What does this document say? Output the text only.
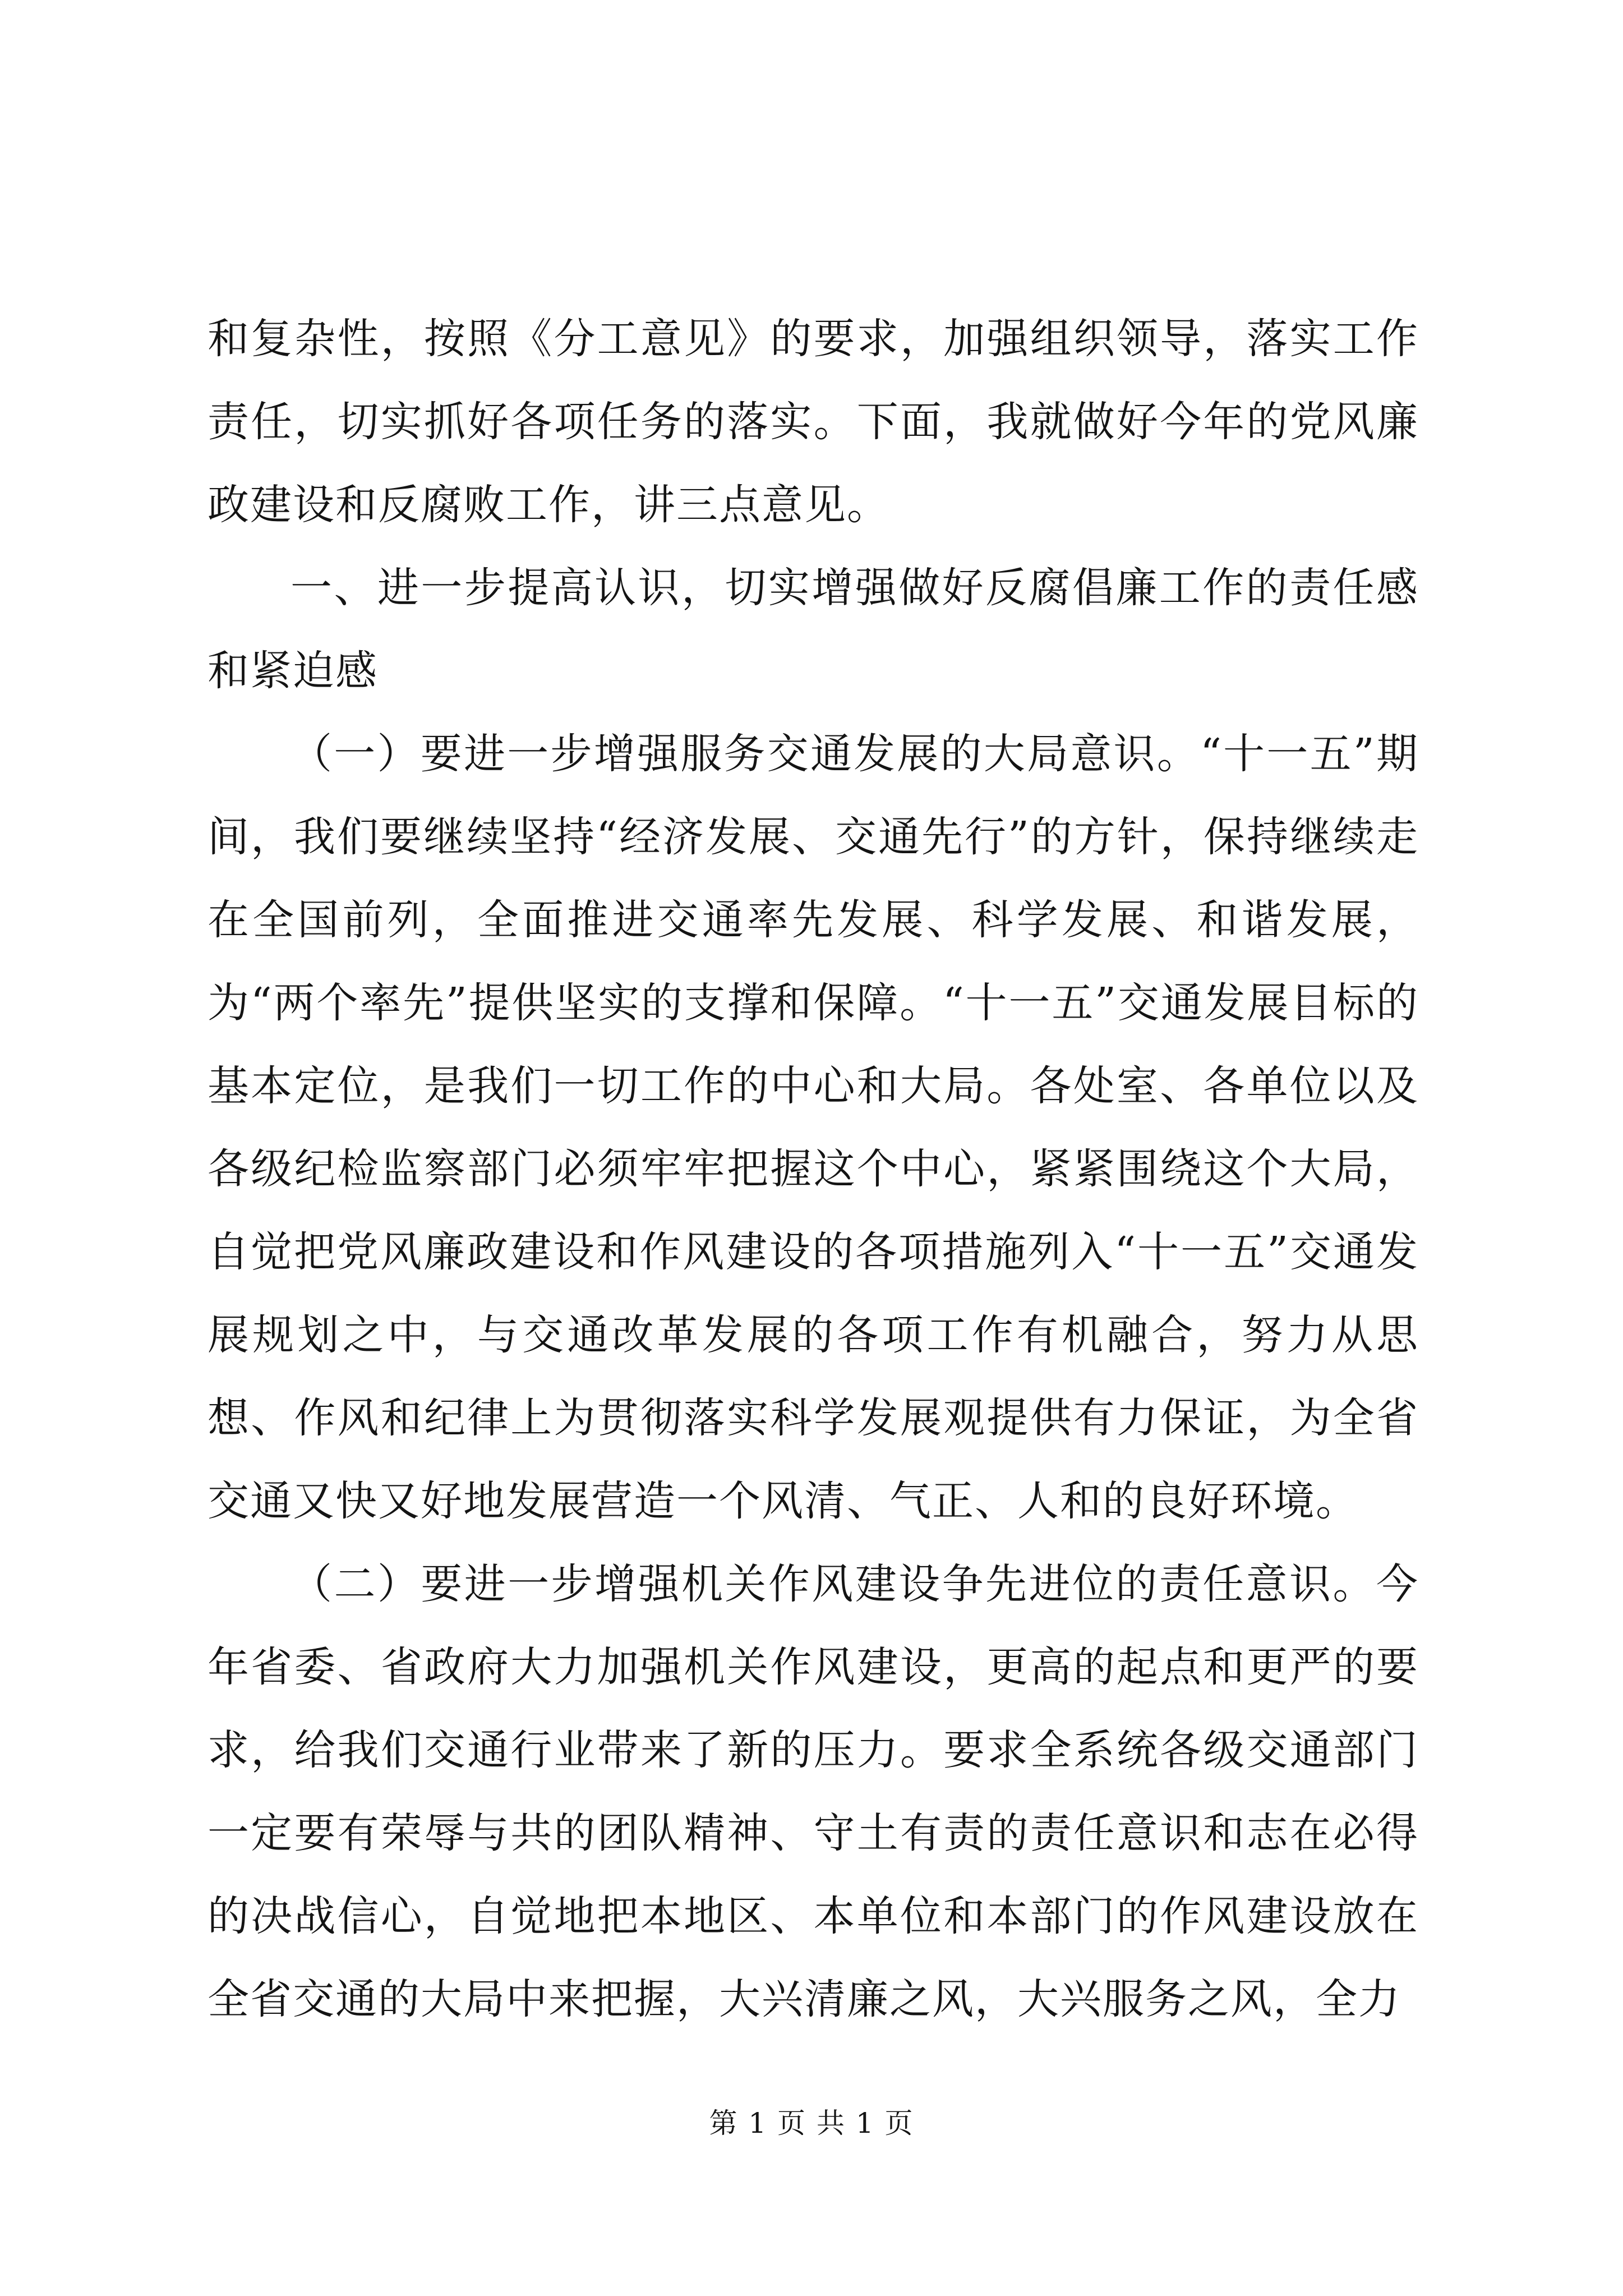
和复杂性，按照《分工意见》的要求，加强组织领导，落实工作责任，切实抓好各项任务的落实。下面，我就做好今年的党风廉政建设和反腐败工作，讲三点意见。

一、进一步提高认识，切实增强做好反腐倡廉工作的责任感和紧迫感

（一）要进一步增强服务交通发展的大局意识。“十一五”期间，我们要继续坚持“经济发展、交通先行”的方针，保持继续走在全国前列，全面推进交通率先发展、科学发展、和谐发展，为“两个率先”提供坚实的支撑和保障。“十一五”交通发展目标的基本定位，是我们一切工作的中心和大局。各处室、各单位以及各级纪检监察部门必须牢牢把握这个中心，紧紧围绕这个大局，自觉把党风廉政建设和作风建设的各项措施列入“十一五”交通发展规划之中，与交通改革发展的各项工作有机融合，努力从思想、作风和纪律上为贯彻落实科学发展观提供有力保证，为全省交通又快又好地发展营造一个风清、气正、人和的良好环境。

（二）要进一步增强机关作风建设争先进位的责任意识。今年省委、省政府大力加强机关作风建设，更高的起点和更严的要求，给我们交通行业带来了新的压力。要求全系统各级交通部门一定要有荣辱与共的团队精神、守土有责的责任意识和志在必得的决战信心，自觉地把本地区、本单位和本部门的作风建设放在全省交通的大局中来把握，大兴清廉之风，大兴服务之风，全力

第 1 页 共 1 页
